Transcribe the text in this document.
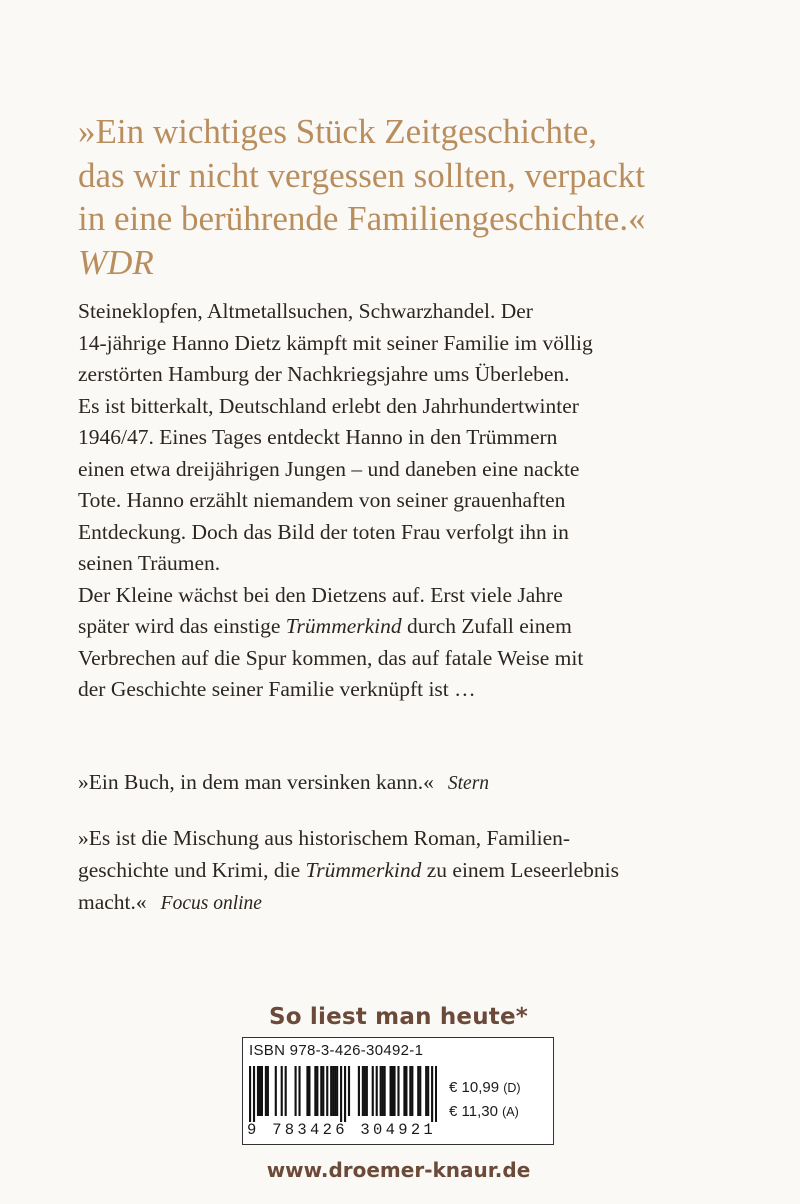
»Ein wichtiges Stück Zeitgeschichte,
das wir nicht vergessen sollten, verpackt
in eine berührende Familiengeschichte.«
WDR
Steineklopfen, Altmetallsuchen, Schwarzhandel. Der
14-jährige Hanno Dietz kämpft mit seiner Familie im völlig
zerstörten Hamburg der Nachkriegsjahre ums Überleben.
Es ist bitterkalt, Deutschland erlebt den Jahrhundertwinter
1946/47. Eines Tages entdeckt Hanno in den Trümmern
einen etwa dreijährigen Jungen – und daneben eine nackte
Tote. Hanno erzählt niemandem von seiner grauenhaften
Entdeckung. Doch das Bild der toten Frau verfolgt ihn in
seinen Träumen.
Der Kleine wächst bei den Dietzens auf. Erst viele Jahre
später wird das einstige Trümmerkind durch Zufall einem
Verbrechen auf die Spur kommen, das auf fatale Weise mit
der Geschichte seiner Familie verknüpft ist …
»Ein Buch, in dem man versinken kann.« Stern
»Es ist die Mischung aus historischem Roman, Familien-
geschichte und Krimi, die Trümmerkind zu einem Leseerlebnis
macht.« Focus online
So liest man heute*
ISBN 978-3-426-30492-1
9 783426 304921
€ 10,99 (D)
€ 11,30 (A)
www.droemer-knaur.de
